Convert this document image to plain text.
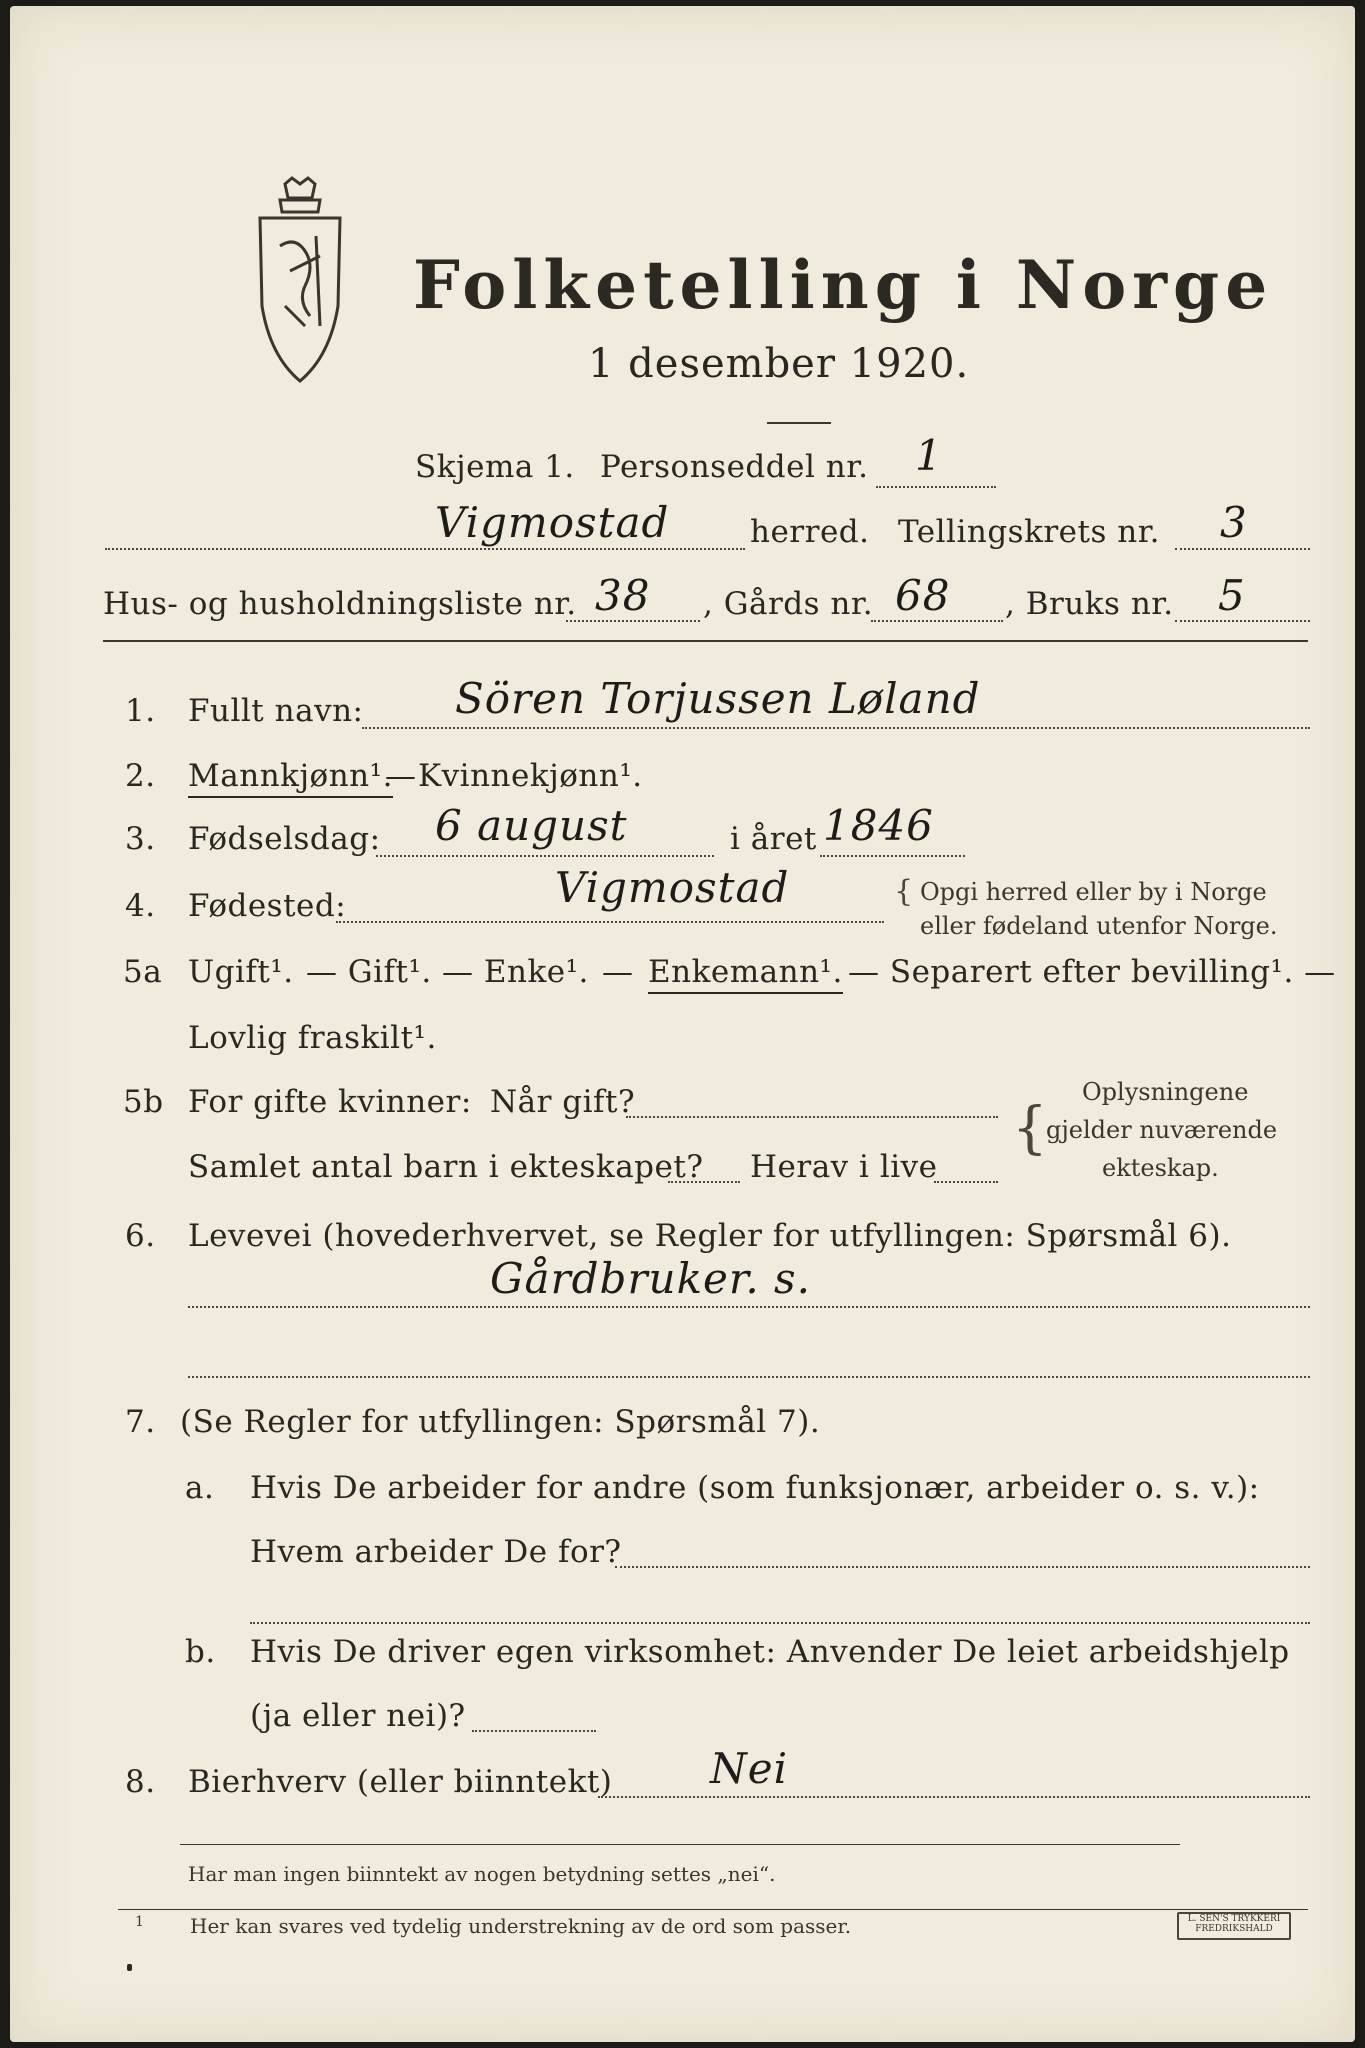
Folketelling i Norge
1 desember 1920.
Skjema 1. Personseddel nr. 1
Vigmostad	herred. Tellingskrets nr. 3
Hus- og husholdningsliste nr. 38 , Gårds nr. 68 , Bruks nr. 5
1. Fullt navn: Sören Torjussen Løland
2. Mannkjønn¹.
— Kvinnekjønn¹.
3. Fødselsdag: 6 august	i året 1846
4. Fødested:	Vigmostad	{ Opgi herred eller by i Norge
eller fødeland utenfor Norge.
5a Ugift¹. — Gift¹. — Enke¹. — Enkemann¹. — Separert efter bevilling¹. —
Lovlig fraskilt¹.
5b For gifte kvinner: Når gift?
Samlet antal barn i ekteskapet? Herav i live
{
Oplysningene
gjelder nuværende
ekteskap.
6. Levevei (hovederhvervet, se Regler for utfyllingen: Spørsmål 6).
Gårdbruker. s.
7. (Se Regler for utfyllingen: Spørsmål 7).
a. Hvis De arbeider for andre (som funksjonær, arbeider o. s. v.):
Hvem arbeider De for?
b. Hvis De driver egen virksomhet: Anvender De leiet arbeidshjelp
(ja eller nei)?
8. Bierhverv (eller biinntekt) Nei
Har man ingen biinntekt av nogen betydning settes „nei“.
1 Her kan svares ved tydelig understrekning av de ord som passer.	L. SEN'S TRYKKERI FREDRIKSHALD
